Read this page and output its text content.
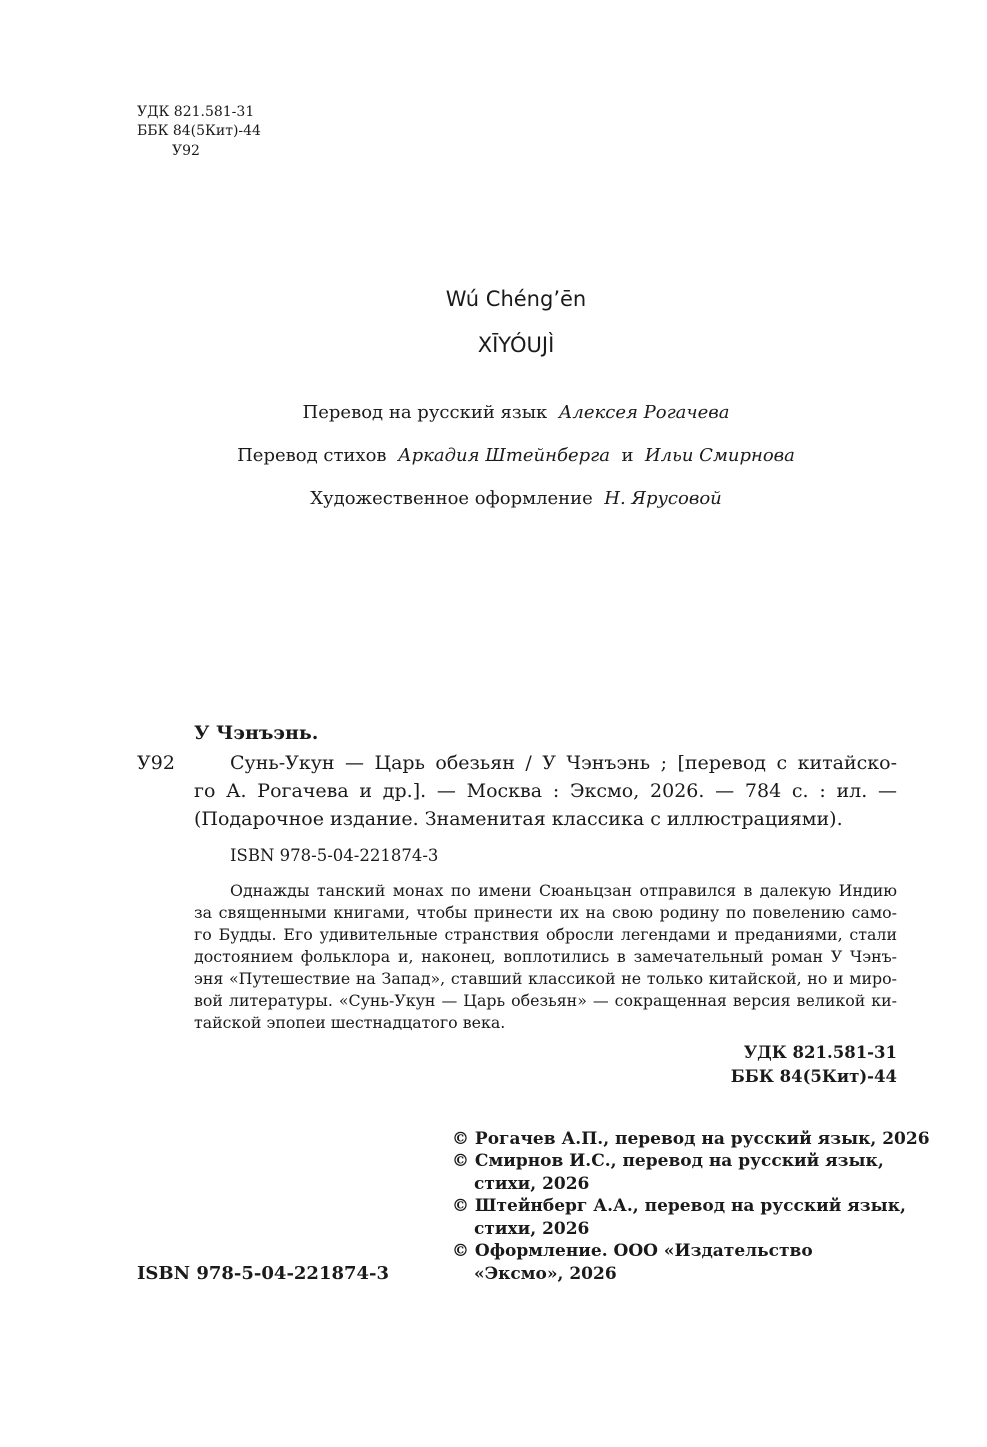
УДК 821.581-31
ББК 84(5Кит)-44
У92
Wú Chéng’ēn
XĪYÓUJÌ
Перевод на русский язык Алексея Рогачева
Перевод стихов Аркадия Штейнберга и Ильи Смирнова
Художественное оформление Н. Ярусовой
У Чэнъэнь.
У92	Сунь-Укун — Царь обезьян / У Чэнъэнь ; [перевод с китайско-
го А. Рогачева и др.]. — Москва : Эксмо, 2026. — 784 с. : ил. —
(Подарочное издание. Знаменитая классика с иллюстрациями).
ISBN 978-5-04-221874-3
Однажды танский монах по имени Сюаньцзан отправился в далекую Индию
за священными книгами, чтобы принести их на свою родину по повелению само-
го Будды. Его удивительные странствия обросли легендами и преданиями, стали
достоянием фольклора и, наконец, воплотились в замечательный роман У Чэнъ-
эня «Путешествие на Запад», ставший классикой не только китайской, но и миро-
вой литературы. «Сунь-Укун — Царь обезьян» — сокращенная версия великой ки-
тайской эпопеи шестнадцатого века.
УДК 821.581-31
ББК 84(5Кит)-44
© Рогачев А.П., перевод на русский язык, 2026
© Смирнов И.С., перевод на русский язык,
стихи, 2026
© Штейнберг А.А., перевод на русский язык,
стихи, 2026
© Оформление. ООО «Издательство
«Эксмо», 2026
ISBN 978-5-04-221874-3
